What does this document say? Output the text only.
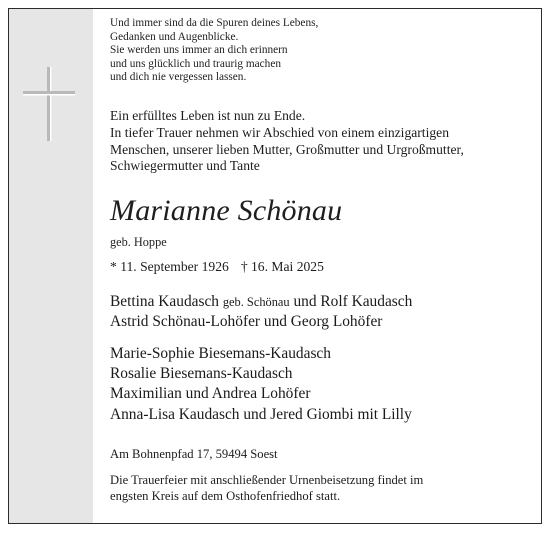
Und immer sind da die Spuren deines Lebens,
Gedanken und Augenblicke.
Sie werden uns immer an dich erinnern
und uns glücklich und traurig machen
und dich nie vergessen lassen.
Ein erfülltes Leben ist nun zu Ende.
In tiefer Trauer nehmen wir Abschied von einem einzigartigen
Menschen, unserer lieben Mutter, Großmutter und Urgroßmutter,
Schwiegermutter und Tante
Marianne Schönau
geb. Hoppe
* 11. September 1926 † 16. Mai 2025
Bettina Kaudasch geb. Schönau und Rolf Kaudasch
Astrid Schönau-Lohöfer und Georg Lohöfer
Marie-Sophie Biesemans-Kaudasch
Rosalie Biesemans-Kaudasch
Maximilian und Andrea Lohöfer
Anna-Lisa Kaudasch und Jered Giombi mit Lilly
Am Bohnenpfad 17, 59494 Soest
Die Trauerfeier mit anschließender Urnenbeisetzung findet im
engsten Kreis auf dem Osthofenfriedhof statt.
